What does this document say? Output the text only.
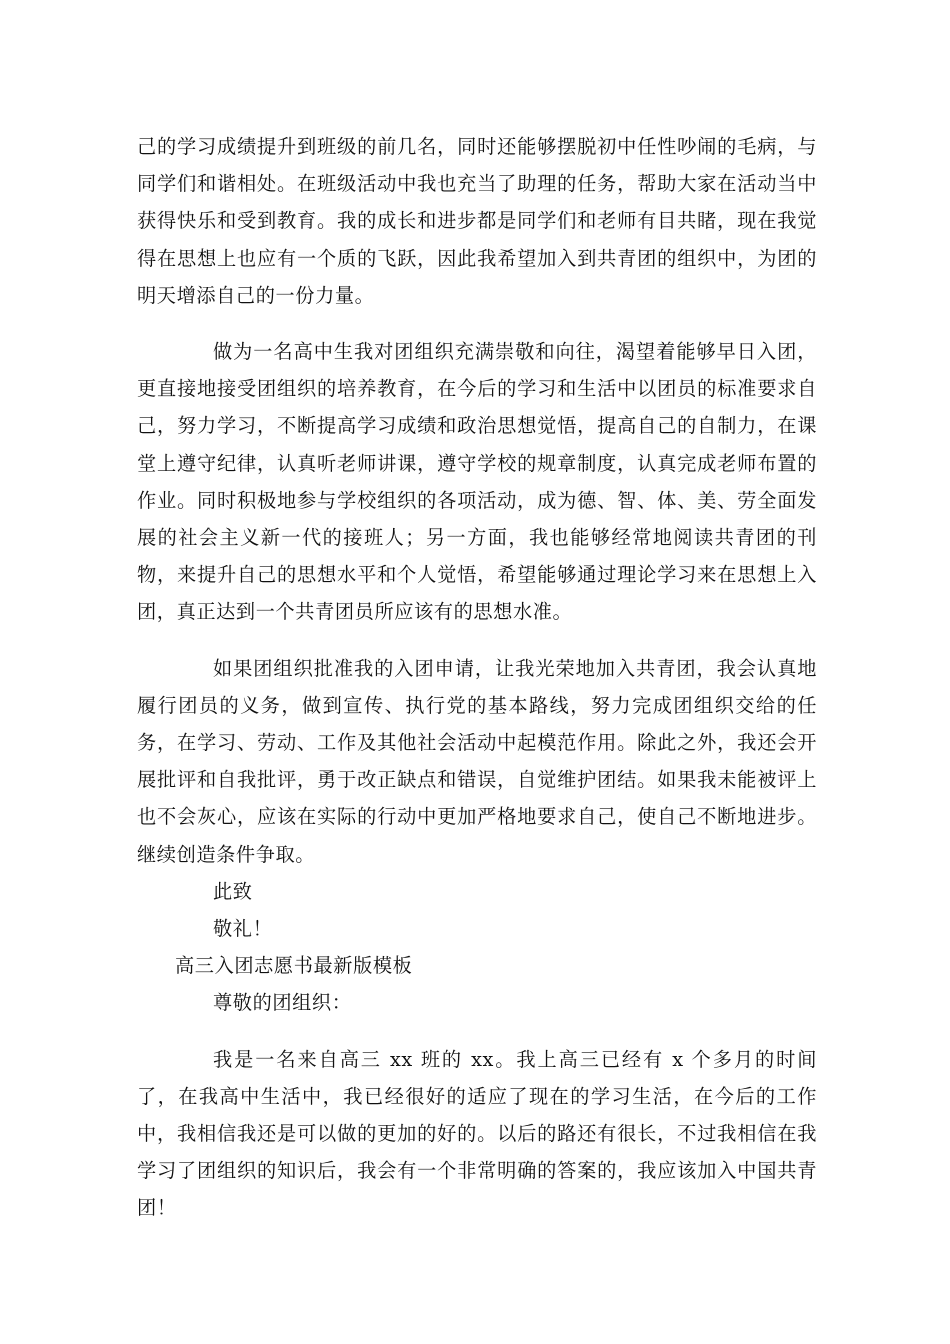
己的学习成绩提升到班级的前几名，同时还能够摆脱初中任性吵闹的毛病，与同学们和谐相处。在班级活动中我也充当了助理的任务，帮助大家在活动当中获得快乐和受到教育。我的成长和进步都是同学们和老师有目共睹，现在我觉得在思想上也应有一个质的飞跃，因此我希望加入到共青团的组织中，为团的明天增添自己的一份力量。

做为一名高中生我对团组织充满崇敬和向往，渴望着能够早日入团，更直接地接受团组织的培养教育，在今后的学习和生活中以团员的标准要求自己，努力学习，不断提高学习成绩和政治思想觉悟，提高自己的自制力，在课堂上遵守纪律，认真听老师讲课，遵守学校的规章制度，认真完成老师布置的作业。同时积极地参与学校组织的各项活动，成为德、智、体、美、劳全面发展的社会主义新一代的接班人；另一方面，我也能够经常地阅读共青团的刊物，来提升自己的思想水平和个人觉悟，希望能够通过理论学习来在思想上入团，真正达到一个共青团员所应该有的思想水准。

如果团组织批准我的入团申请，让我光荣地加入共青团，我会认真地履行团员的义务，做到宣传、执行党的基本路线，努力完成团组织交给的任务，在学习、劳动、工作及其他社会活动中起模范作用。除此之外，我还会开展批评和自我批评，勇于改正缺点和错误，自觉维护团结。如果我未能被评上也不会灰心，应该在实际的行动中更加严格地要求自己，使自己不断地进步。继续创造条件争取。

此致

敬礼！

高三入团志愿书最新版模板

尊敬的团组织：

我是一名来自高三 xx 班的 xx。我上高三已经有 x 个多月的时间了，在我高中生活中，我已经很好的适应了现在的学习生活，在今后的工作中，我相信我还是可以做的更加的好的。以后的路还有很长，不过我相信在我学习了团组织的知识后，我会有一个非常明确的答案的，我应该加入中国共青团！
